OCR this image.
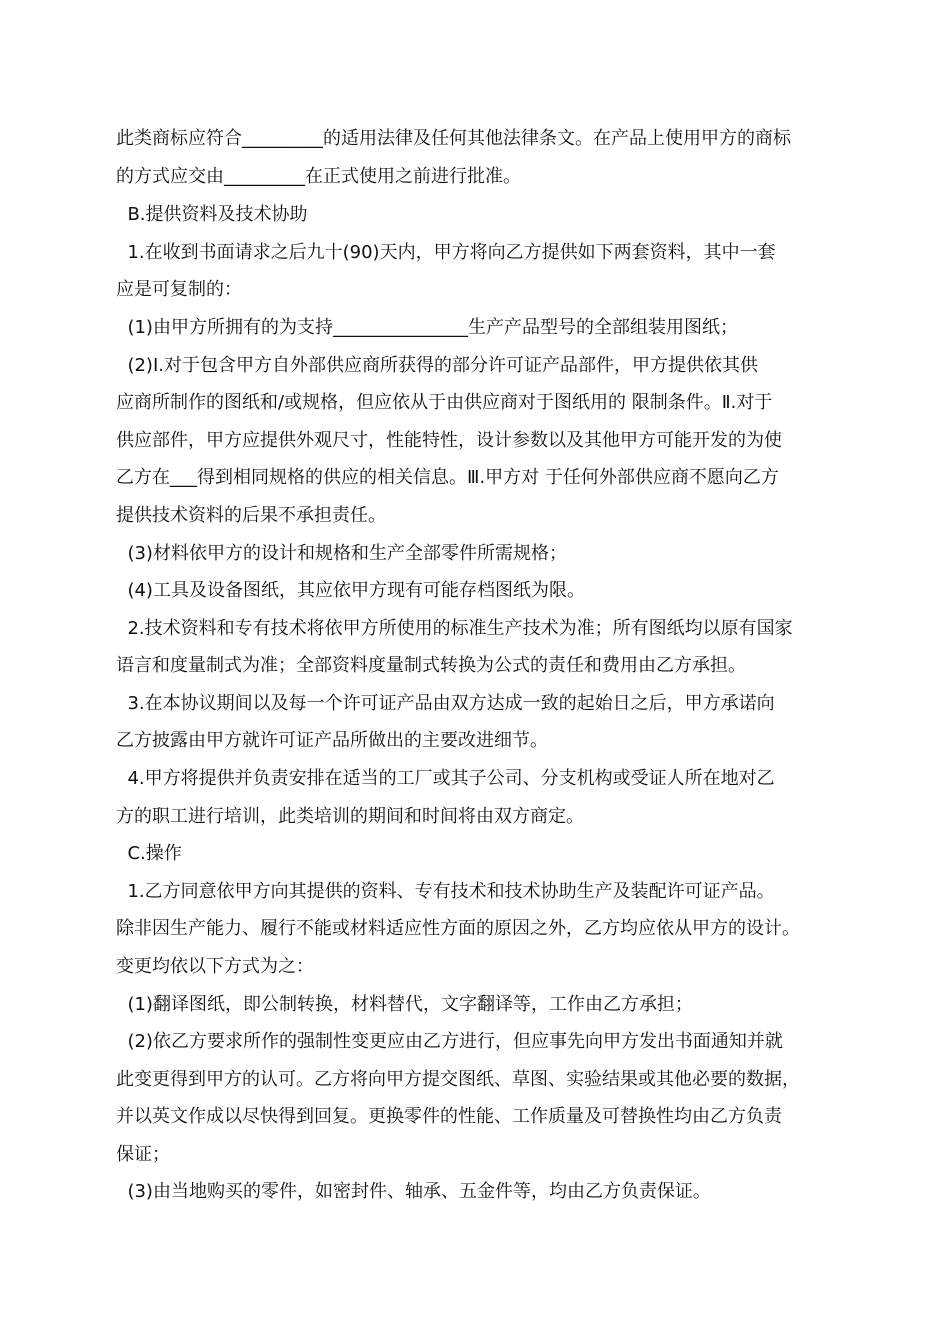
此类商标应符合_________的适用法律及任何其他法律条文。在产品上使用甲方的商标
的方式应交由_________在正式使用之前进行批准。
B.提供资料及技术协助
1.在收到书面请求之后九十(90)天内，甲方将向乙方提供如下两套资料，其中一套
应是可复制的：
(1)由甲方所拥有的为支持_______________生产产品型号的全部组装用图纸；
(2)Ⅰ.对于包含甲方自外部供应商所获得的部分许可证产品部件，甲方提供依其供
应商所制作的图纸和/或规格，但应依从于由供应商对于图纸用的 限制条件。Ⅱ.对于
供应部件，甲方应提供外观尺寸，性能特性，设计参数以及其他甲方可能开发的为使
乙方在___得到相同规格的供应的相关信息。Ⅲ.甲方对 于任何外部供应商不愿向乙方
提供技术资料的后果不承担责任。
(3)材料依甲方的设计和规格和生产全部零件所需规格；
(4)工具及设备图纸，其应依甲方现有可能存档图纸为限。
2.技术资料和专有技术将依甲方所使用的标准生产技术为准；所有图纸均以原有国家
语言和度量制式为准；全部资料度量制式转换为公式的责任和费用由乙方承担。
3.在本协议期间以及每一个许可证产品由双方达成一致的起始日之后，甲方承诺向
乙方披露由甲方就许可证产品所做出的主要改进细节。
4.甲方将提供并负责安排在适当的工厂或其子公司、分支机构或受证人所在地对乙
方的职工进行培训，此类培训的期间和时间将由双方商定。
C.操作
1.乙方同意依甲方向其提供的资料、专有技术和技术协助生产及装配许可证产品。
除非因生产能力、履行不能或材料适应性方面的原因之外，乙方均应依从甲方的设计。
变更均依以下方式为之：
(1)翻译图纸，即公制转换，材料替代，文字翻译等，工作由乙方承担；
(2)依乙方要求所作的强制性变更应由乙方进行，但应事先向甲方发出书面通知并就
此变更得到甲方的认可。乙方将向甲方提交图纸、草图、实验结果或其他必要的数据，
并以英文作成以尽快得到回复。更换零件的性能、工作质量及可替换性均由乙方负责
保证；
(3)由当地购买的零件，如密封件、轴承、五金件等，均由乙方负责保证。
